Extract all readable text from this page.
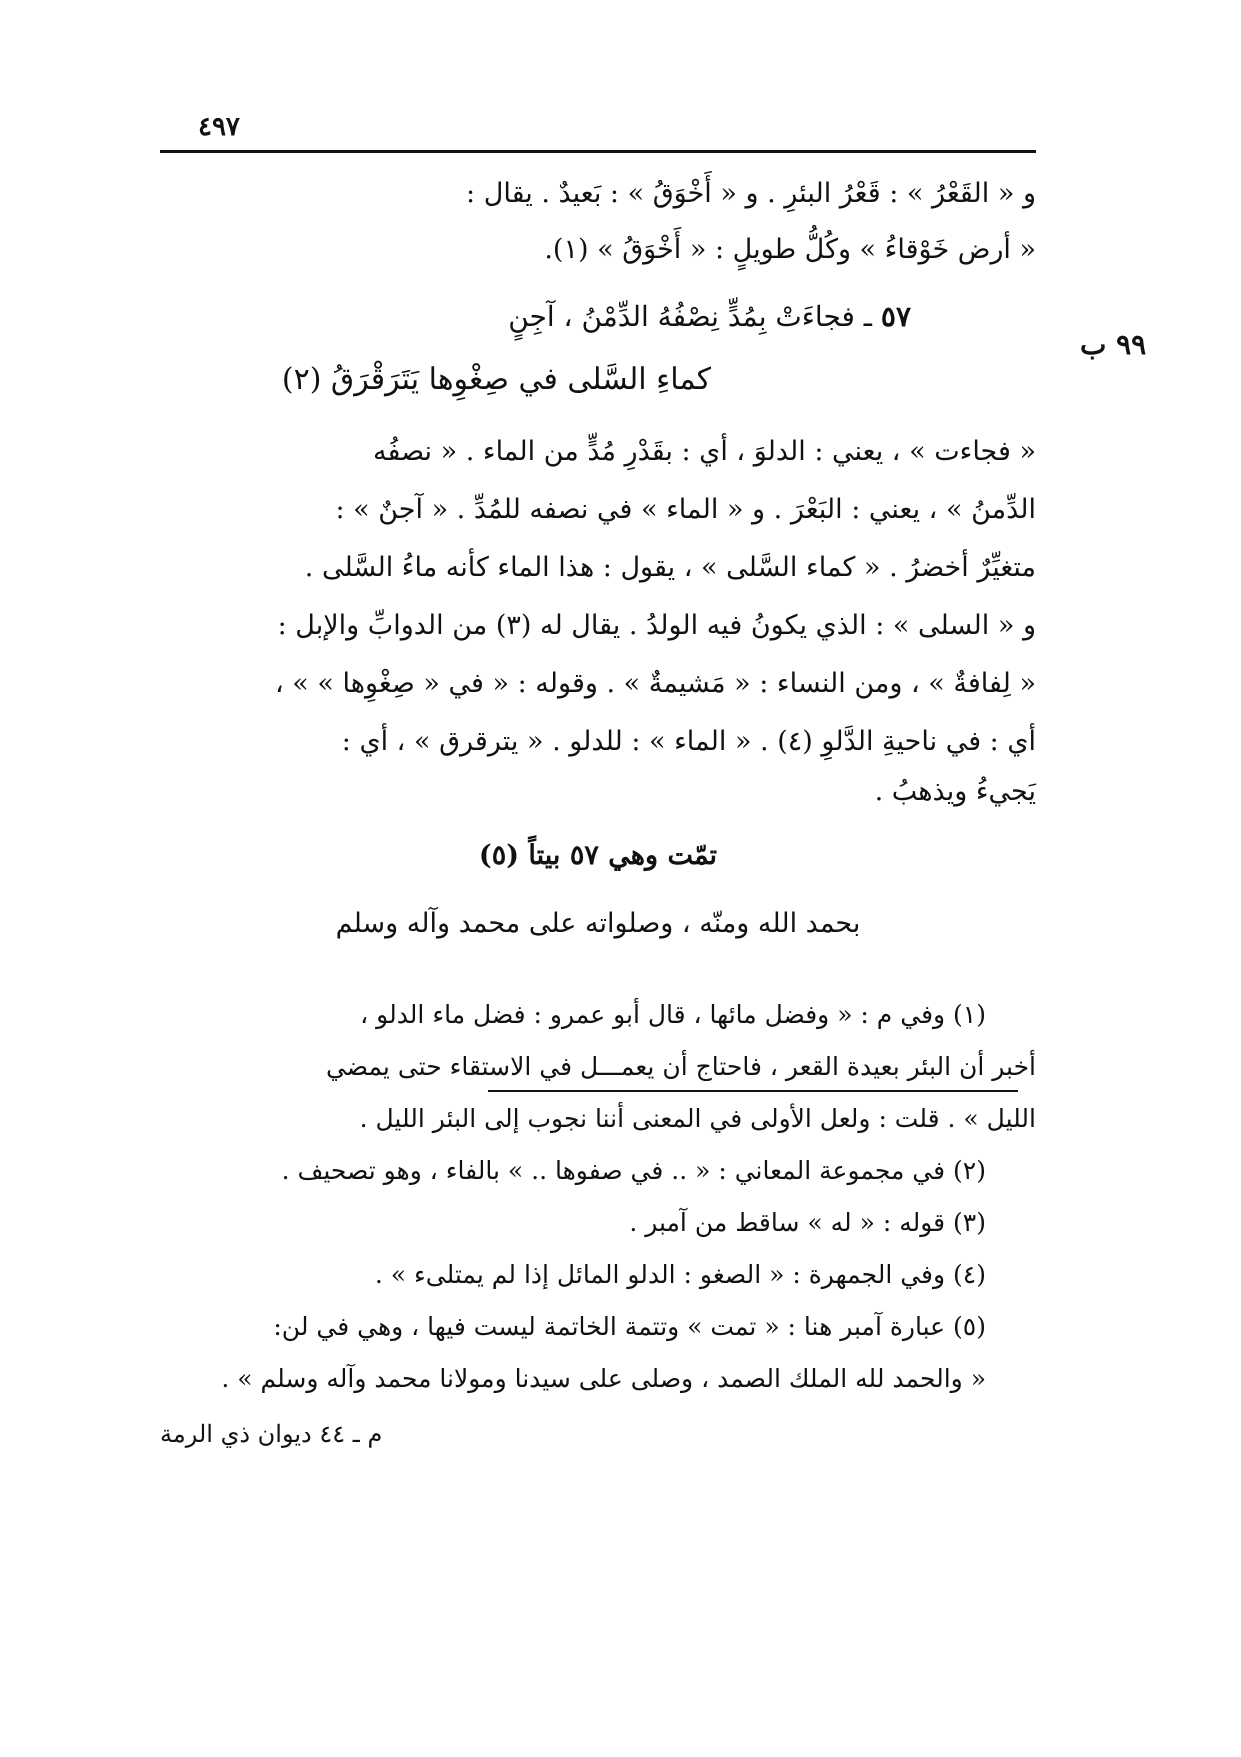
٤٩٧
و « القَعْرُ » : قَعْرُ البئرِ . و « أَخْوَقُ » : بَعيدٌ . يقال :
« أرض خَوْقاءُ » وكُلُّ طويلٍ : « أَخْوَقُ » (١).
٩٩ ب
٥٧ ـ فجاءَتْ بِمُدٍّ نِصْفُهُ الدِّمْنُ ، آجِنٍ
كماءِ السَّلى في صِغْوِها يَتَرَقْرَقُ (٢)
« فجاءت » ، يعني : الدلوَ ، أي : بقَدْرِ مُدٍّ من الماء . « نصفُه
الدِّمنُ » ، يعني : البَعْرَ . و « الماء » في نصفه للمُدِّ . « آجنٌ » :
متغيِّرٌ أخضرُ . « كماء السَّلى » ، يقول : هذا الماء كأنه ماءُ السَّلى .
و « السلى » : الذي يكونُ فيه الولدُ . يقال له (٣) من الدوابِّ والإبل :
« لِفافةٌ » ، ومن النساء : « مَشيمةٌ » . وقوله : « في « صِغْوِها » » ،
أي : في ناحيةِ الدَّلوِ (٤) . « الماء » : للدلو . « يترقرق » ، أي :
يَجيءُ ويذهبُ .
تمّت وهي ٥٧ بيتاً (٥)
بحمد الله ومنّه ، وصلواته على محمد وآله وسلم
(١) وفي م : « وفضل مائها ، قال أبو عمرو : فضل ماء الدلو ،
أخبر أن البئر بعيدة القعر ، فاحتاج أن يعمـــل في الاستقاء حتى يمضي
الليل » . قلت : ولعل الأولى في المعنى أننا نجوب إلى البئر الليل .
(٢) في مجموعة المعاني : « .. في صفوها .. » بالفاء ، وهو تصحيف .
(٣) قوله : « له » ساقط من آمبر .
(٤) وفي الجمهرة : « الصغو : الدلو المائل إذا لم يمتلىء » .
(٥) عبارة آمبر هنا : « تمت » وتتمة الخاتمة ليست فيها ، وهي في لن:
« والحمد لله الملك الصمد ، وصلى على سيدنا ومولانا محمد وآله وسلم » .
م ـ ٤٤ ديوان ذي الرمة
